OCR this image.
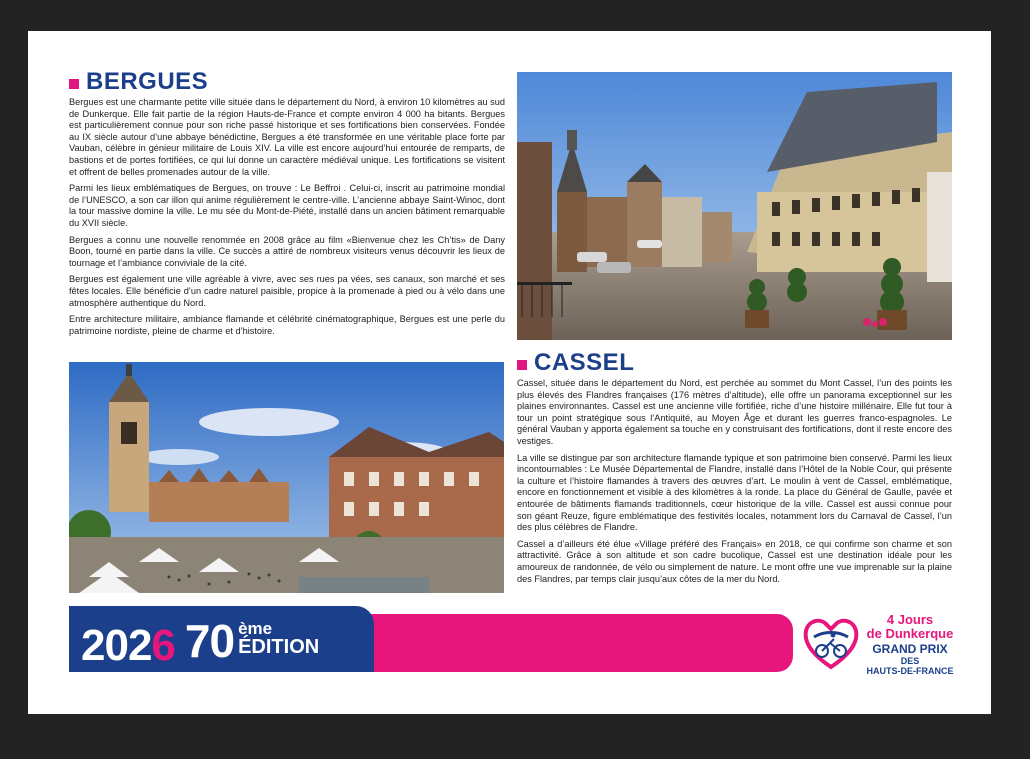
BERGUES

Bergues est une charmante petite ville située dans le département du Nord, à environ 10 kilomètres au sud de Dunkerque. Elle fait partie de la région Hauts-de-France et compte environ 4 000 ha bitants. Bergues est particulièrement connue pour son riche passé historique et ses fortifications bien conservées. Fondée au IX siècle autour d’une abbaye bénédictine, Bergues a été transformée en une véritable place forte par Vauban, célèbre in génieur militaire de Louis XIV. La ville est encore aujourd’hui entourée de remparts, de bastions et de portes fortifiées, ce qui lui donne un caractère médiéval unique. Les fortifications se visitent et offrent de belles promenades autour de la ville.

Parmi les lieux emblématiques de Bergues, on trouve : Le Beffroi . Celui-ci, inscrit au patrimoine mondial de l’UNESCO, a son car illon qui anime régulièrement le centre-ville. L’ancienne abbaye Saint-Winoc, dont la tour massive domine la ville. Le mu sée du Mont-de-Piété, installé dans un ancien bâtiment remarquable du XVII siècle.

Bergues a connu une nouvelle renommée en 2008 grâce au film «Bienvenue chez les Ch’tis» de Dany Boon, tourné en partie dans la ville. Ce succès a attiré de nombreux visiteurs venus découvrir les lieux de tournage et l’ambiance conviviale de la cité.

Bergues est également une ville agréable à vivre, avec ses rues pa vées, ses canaux, son marché et ses fêtes locales. Elle bénéficie d’un cadre naturel paisible, propice à la promenade à pied ou à vélo dans une atmosphère authentique du Nord.

Entre architecture militaire, ambiance flamande et célébrité cinématographique, Bergues est une perle du patrimoine nordiste, pleine de charme et d’histoire.

CASSEL

Cassel, située dans le département du Nord, est perchée au sommet du Mont Cassel, l’un des points les plus élevés des Flandres françaises (176 mètres d’altitude), elle offre un panorama exceptionnel sur les plaines environnantes. Cassel est une ancienne ville fortifiée, riche d’une histoire millénaire. Elle fut tour à tour un point stratégique sous l’Antiquité, au Moyen Âge et durant les guerres franco-espagnoles. Le général Vauban y apporta également sa touche en y construisant des fortifications, dont il reste encore des vestiges.

La ville se distingue par son architecture flamande typique et son patrimoine bien conservé. Parmi les lieux incontournables : Le Musée Départemental de Flandre, installé dans l’Hôtel de la Noble Cour, qui présente la culture et l’histoire flamandes à travers des œuvres d’art. Le moulin à vent de Cassel, emblématique, encore en fonctionnement et visible à des kilomètres à la ronde. La place du Général de Gaulle, pavée et entourée de bâtiments flamands traditionnels, cœur historique de la ville. Cassel est aussi connue pour son géant Reuze, figure emblématique des festivités locales, notamment lors du Carnaval de Cassel, l’un des plus célèbres de Flandre.

Cassel a d’ailleurs été élue «Village préféré des Français» en 2018, ce qui confirme son charme et son attractivité. Grâce à son altitude et son cadre bucolique, Cassel est une destination idéale pour les amoureux de randonnée, de vélo ou simplement de nature. Le mont offre une vue imprenable sur la plaine des Flandres, par temps clair jusqu’aux côtes de la mer du Nord.

2026 70 ème
ÉDITION
4 Jours
de Dunkerque
GRAND PRIX
DES
HAUTS-DE-FRANCE
